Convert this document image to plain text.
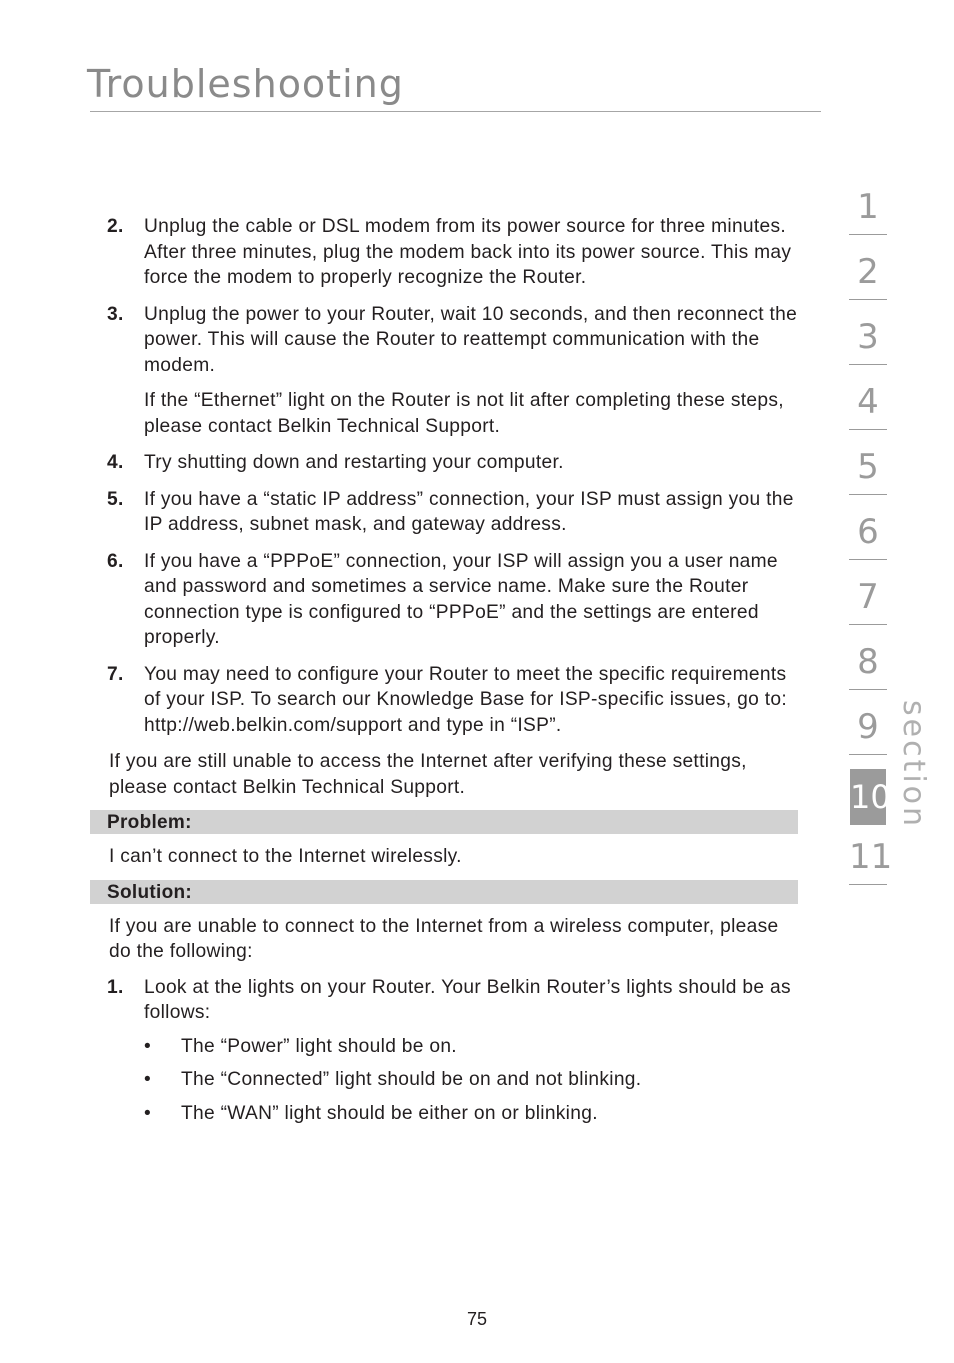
Troubleshooting
2. Unplug the cable or DSL modem from its power source for three minutes. After three minutes, plug the modem back into its power source. This may force the modem to properly recognize the Router.

3. Unplug the power to your Router, wait 10 seconds, and then reconnect the power. This will cause the Router to reattempt communication with the modem.

If the “Ethernet” light on the Router is not lit after completing these steps, please contact Belkin Technical Support.

4. Try shutting down and restarting your computer.

5. If you have a “static IP address” connection, your ISP must assign you the IP address, subnet mask, and gateway address.

6. If you have a “PPPoE” connection, your ISP will assign you a user name and password and sometimes a service name. Make sure the Router connection type is configured to “PPPoE” and the settings are entered properly.

7. You may need to configure your Router to meet the specific requirements of your ISP. To search our Knowledge Base for ISP-specific issues, go to: http://web.belkin.com/support and type in “ISP”.

If you are still unable to access the Internet after verifying these settings, please contact Belkin Technical Support.

Problem:

I can’t connect to the Internet wirelessly.

Solution:

If you are unable to connect to the Internet from a wireless computer, please do the following:

1. Look at the lights on your Router. Your Belkin Router’s lights should be as follows:

• The “Power” light should be on.
• The “Connected” light should be on and not blinking.
• The “WAN” light should be either on or blinking.
1
2
3
4
5
6
7
8
9
10
11
section
75
